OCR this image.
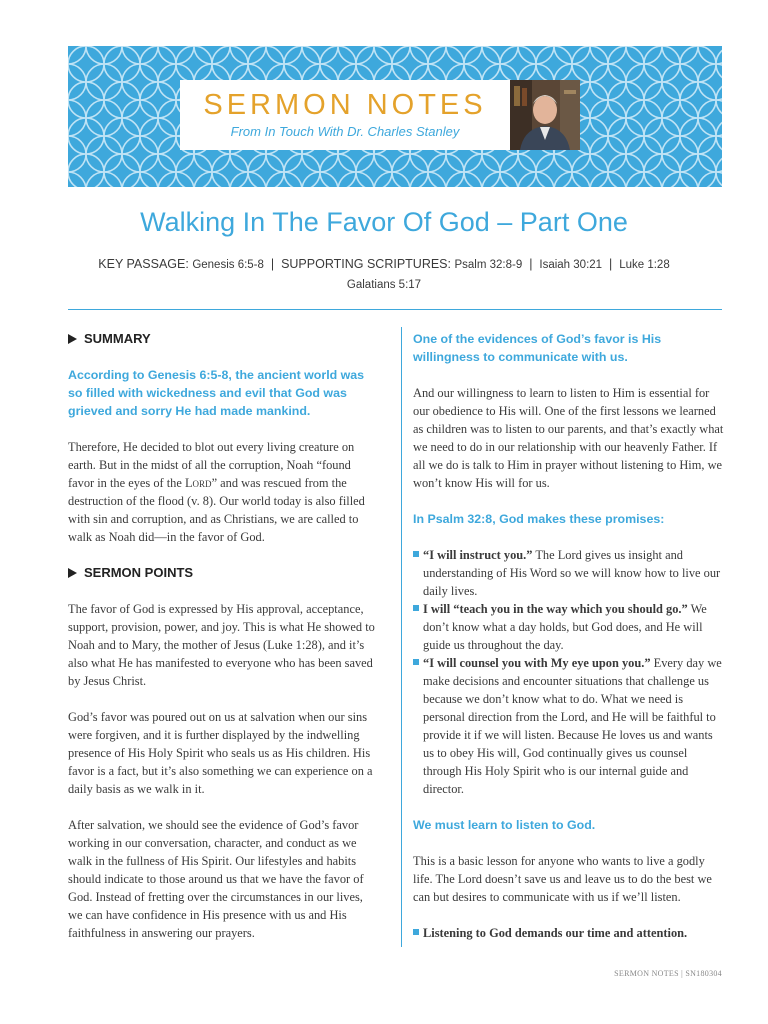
SERMON NOTES
From In Touch With Dr. Charles Stanley
Walking In The Favor Of God – Part One
KEY PASSAGE: Genesis 6:5-8  |  SUPPORTING SCRIPTURES: Psalm 32:8-9  |  Isaiah 30:21  |  Luke 1:28
Galatians 5:17
SUMMARY
According to Genesis 6:5-8, the ancient world was so filled with wickedness and evil that God was grieved and sorry He had made mankind.

Therefore, He decided to blot out every living creature on earth. But in the midst of all the corruption, Noah “found favor in the eyes of the Lord” and was rescued from the destruction of the flood (v. 8). Our world today is also filled with sin and corruption, and as Christians, we are called to walk as Noah did—in the favor of God.

SERMON POINTS

The favor of God is expressed by His approval, acceptance, support, provision, power, and joy. This is what He showed to Noah and to Mary, the mother of Jesus (Luke 1:28), and it’s also what He has manifested to everyone who has been saved by Jesus Christ.

God’s favor was poured out on us at salvation when our sins were forgiven, and it is further displayed by the indwelling presence of His Holy Spirit who seals us as His children. His favor is a fact, but it’s also something we can experience on a daily basis as we walk in it.

After salvation, we should see the evidence of God’s favor working in our conversation, character, and conduct as we walk in the fullness of His Spirit. Our lifestyles and habits should indicate to those around us that we have the favor of God. Instead of fretting over the circumstances in our lives, we can have confidence in His presence with us and His faithfulness in answering our prayers.

One of the evidences of God’s favor is His willingness to communicate with us.

And our willingness to learn to listen to Him is essential for our obedience to His will. One of the first lessons we learned as children was to listen to our parents, and that’s exactly what we need to do in our relationship with our heavenly Father. If all we do is talk to Him in prayer without listening to Him, we won’t know His will for us.

In Psalm 32:8, God makes these promises:
“I will instruct you.” The Lord gives us insight and understanding of His Word so we will know how to live our daily lives.
I will “teach you in the way which you should go.” We don’t know what a day holds, but God does, and He will guide us throughout the day.
“I will counsel you with My eye upon you.” Every day we make decisions and encounter situations that challenge us because we don’t know what to do. What we need is personal direction from the Lord, and He will be faithful to provide it if we will listen. Because He loves us and wants us to obey His will, God continually gives us counsel through His Holy Spirit who is our internal guide and director.
We must learn to listen to God.

This is a basic lesson for anyone who wants to live a godly life. The Lord doesn’t save us and leave us to do the best we can but desires to communicate with us if we’ll listen.

Listening to God demands our time and attention.
SERMON NOTES | SN180304
